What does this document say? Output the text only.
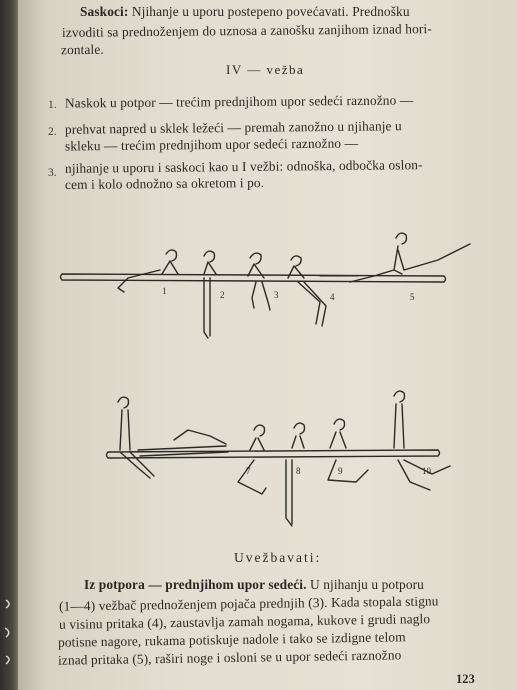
Saskoci: Njihanje u uporu postepeno povećavati. Prednošku
izvoditi sa prednoženjem do uznosa a zanošku zanjihom iznad hori-
zontale.
IV — vežba
1. Naskok u potpor — trećim prednjihom upor sedeći raznožno —
2. prehvat napred u sklek ležeći — premah zanožno u njihanje u
skleku — trećim prednjihom upor sedeći raznožno —
3. njihanje u uporu i saskoci kao u I vežbi: odnoška, odbočka oslon-
cem i kolo odnožno sa okretom i po.
1	2	3	4	5
7	8	9	10
Uvežbavati:
Iz potpora — prednjihom upor sedeći. U njihanju u potporu
(1—4) vežbač prednoženjem pojača prednjih (3). Kada stopala stignu
u visinu pritaka (4), zaustavlja zamah nogama, kukove i grudi naglo
potisne nagore, rukama potiskuje nadole i tako se izdigne telom
iznad pritaka (5), raširi noge i osloni se u upor sedeći raznožno
123
